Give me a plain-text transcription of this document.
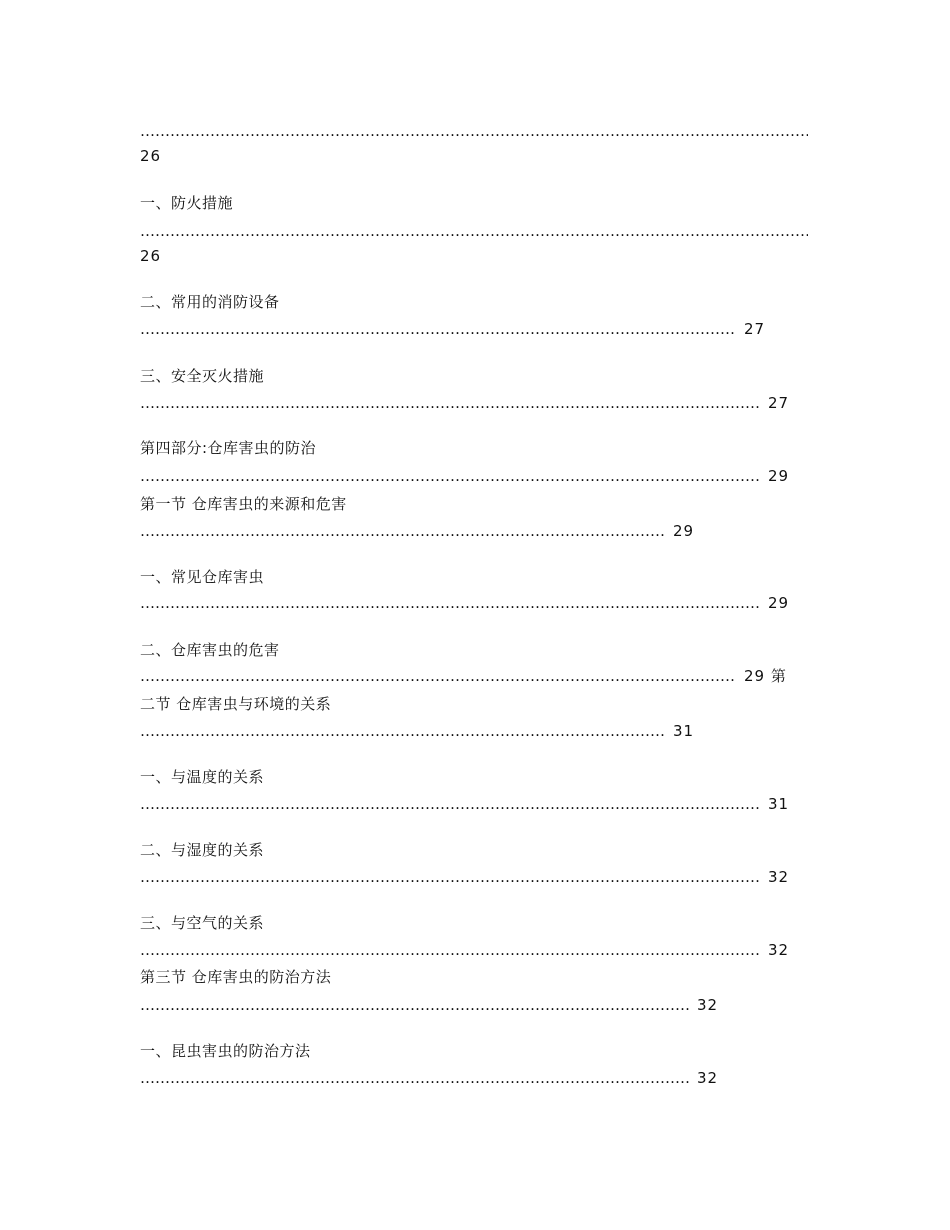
……………………………………………………………………………………………………………………………………………………………………………………………………………
26
一、防火措施
……………………………………………………………………………………………………………………………………………………………………………………………………………
26
二、常用的消防设备
……………………………………………………………………………………………………………………………………………………………………………………………………………
27
三、安全灭火措施
……………………………………………………………………………………………………………………………………………………………………………………………………………
27
第四部分:仓库害虫的防治
……………………………………………………………………………………………………………………………………………………………………………………………………………
29
第一节 仓库害虫的来源和危害
……………………………………………………………………………………………………………………………………………………………………………………………………………
29
一、常见仓库害虫
……………………………………………………………………………………………………………………………………………………………………………………………………………
29
二、仓库害虫的危害
……………………………………………………………………………………………………………………………………………………………………………………………………………
29 第
二节 仓库害虫与环境的关系
……………………………………………………………………………………………………………………………………………………………………………………………………………
31
一、与温度的关系
……………………………………………………………………………………………………………………………………………………………………………………………………………
31
二、与湿度的关系
……………………………………………………………………………………………………………………………………………………………………………………………………………
32
三、与空气的关系
……………………………………………………………………………………………………………………………………………………………………………………………………………
32
第三节 仓库害虫的防治方法
……………………………………………………………………………………………………………………………………………………………………………………………………………
32
一、昆虫害虫的防治方法
……………………………………………………………………………………………………………………………………………………………………………………………………………
32
